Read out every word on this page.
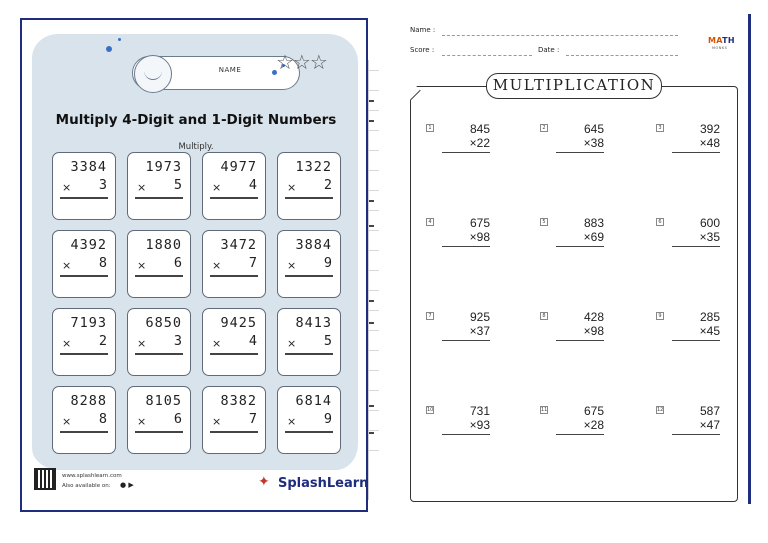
NAME	☆☆☆
Multiply 4-Digit and 1-Digit Numbers
Multiply.
3384
× 3
1973
× 5
4977
× 4
1322
× 2
4392
× 8
1880
× 6
3472
× 7
3884
× 9
7193
× 2
6850
× 3
9425
× 4
8413
× 5
8288
× 8
8105
× 6
8382
× 7
6814
× 9
www.splashlearn.com
Also available on: ● ▶	✦ SplashLearn
Name :
Score :	Date :
MATH
MONKS
MULTIPLICATION
1	845
×22
2	645
×38
3	392
×48
4	675
×98
5	883
×69
6	600
×35
7	925
×37
8	428
×98
9	285
×45
10	731
×93
11	675
×28
12	587
×47
